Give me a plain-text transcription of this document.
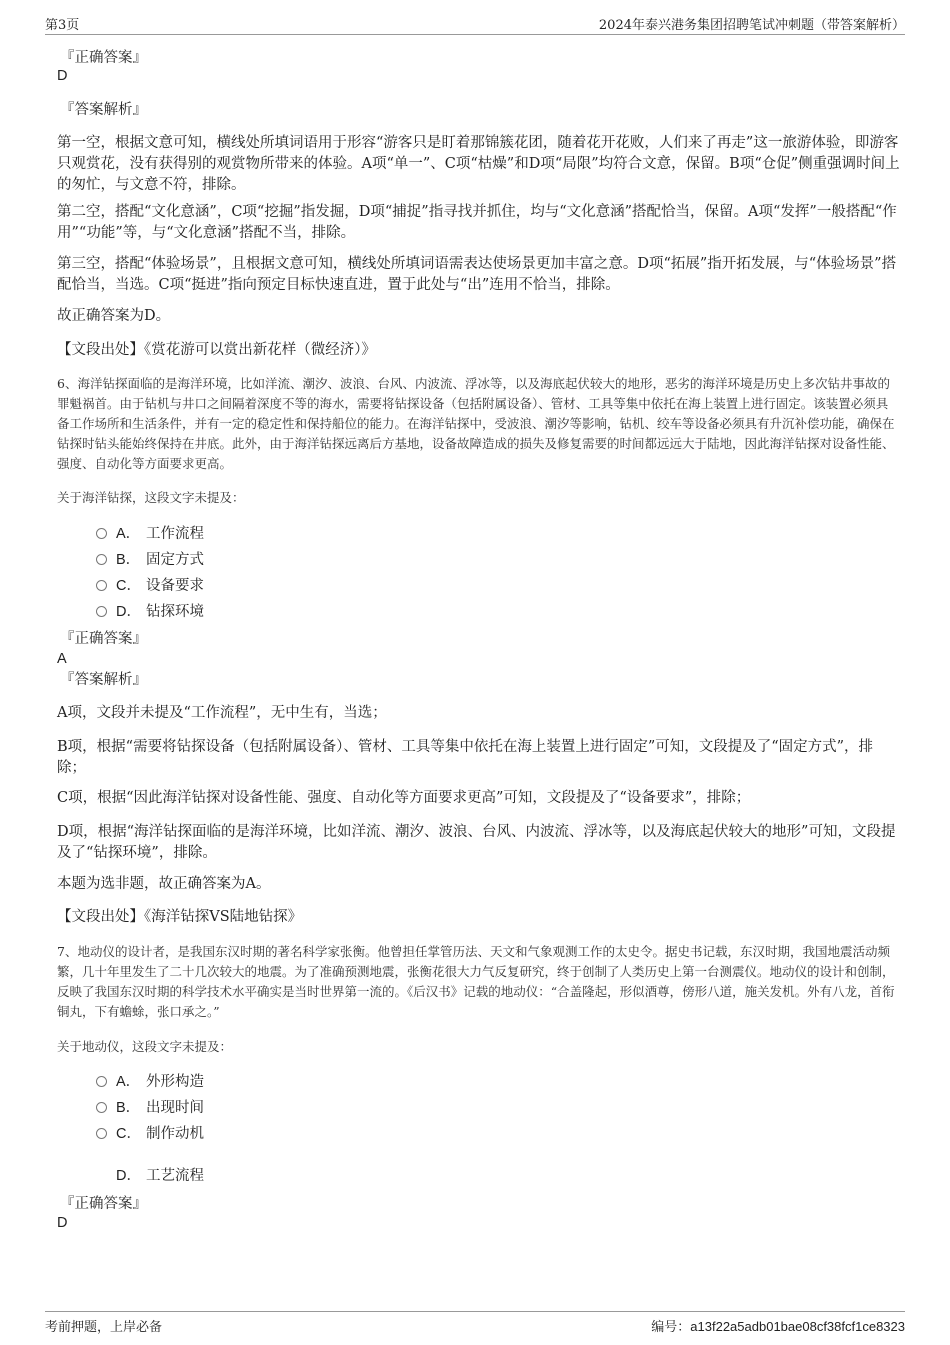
第3页	2024年泰兴港务集团招聘笔试冲刺题（带答案解析）
『正确答案』
D
『答案解析』
第一空，根据文意可知，横线处所填词语用于形容“游客只是盯着那锦簇花团，随着花开花败，人们来了再走”这一旅游体验，即游客只观赏花，没有获得别的观赏物所带来的体验。A项“单一”、C项“枯燥”和D项“局限”均符合文意，保留。B项“仓促”侧重强调时间上的匆忙，与文意不符，排除。
第二空，搭配“文化意涵”，C项“挖掘”指发掘，D项“捕捉”指寻找并抓住，均与“文化意涵”搭配恰当，保留。A项“发挥”一般搭配“作用”“功能”等，与“文化意涵”搭配不当，排除。
第三空，搭配“体验场景”，且根据文意可知，横线处所填词语需表达使场景更加丰富之意。D项“拓展”指开拓发展，与“体验场景”搭配恰当，当选。C项“挺进”指向预定目标快速直进，置于此处与“出”连用不恰当，排除。
故正确答案为D。
【文段出处】《赏花游可以赏出新花样（微经济）》
6、海洋钻探面临的是海洋环境，比如洋流、潮汐、波浪、台风、内波流、浮冰等，以及海底起伏较大的地形，恶劣的海洋环境是历史上多次钻井事故的罪魁祸首。由于钻机与井口之间隔着深度不等的海水，需要将钻探设备（包括附属设备）、管材、工具等集中依托在海上装置上进行固定。该装置必须具备工作场所和生活条件，并有一定的稳定性和保持船位的能力。在海洋钻探中，受波浪、潮汐等影响，钻机、绞车等设备必须具有升沉补偿功能，确保在钻探时钻头能始终保持在井底。此外，由于海洋钻探远离后方基地，设备故障造成的损失及修复需要的时间都远远大于陆地，因此海洋钻探对设备性能、强度、自动化等方面要求更高。
关于海洋钻探，这段文字未提及：
A． 工作流程
B． 固定方式
C． 设备要求
D． 钻探环境
『正确答案』
A
『答案解析』
A项，文段并未提及“工作流程”，无中生有，当选；
B项，根据“需要将钻探设备（包括附属设备）、管材、工具等集中依托在海上装置上进行固定”可知，文段提及了“固定方式”，排除；
C项，根据“因此海洋钻探对设备性能、强度、自动化等方面要求更高”可知，文段提及了“设备要求”，排除；
D项，根据“海洋钻探面临的是海洋环境，比如洋流、潮汐、波浪、台风、内波流、浮冰等，以及海底起伏较大的地形”可知，文段提及了“钻探环境”，排除。
本题为选非题，故正确答案为A。
【文段出处】《海洋钻探VS陆地钻探》
7、地动仪的设计者，是我国东汉时期的著名科学家张衡。他曾担任掌管历法、天文和气象观测工作的太史令。据史书记载，东汉时期，我国地震活动频繁，几十年里发生了二十几次较大的地震。为了准确预测地震，张衡花很大力气反复研究，终于创制了人类历史上第一台测震仪。地动仪的设计和创制，反映了我国东汉时期的科学技术水平确实是当时世界第一流的。《后汉书》记载的地动仪：“合盖隆起，形似酒尊，傍形八道，施关发机。外有八龙，首衔铜丸，下有蟾蜍，张口承之。”
关于地动仪，这段文字未提及：
A． 外形构造
B． 出现时间
C． 制作动机
D． 工艺流程
『正确答案』
D
考前押题，上岸必备	编号：a13f22a5adb01bae08cf38fcf1ce8323
